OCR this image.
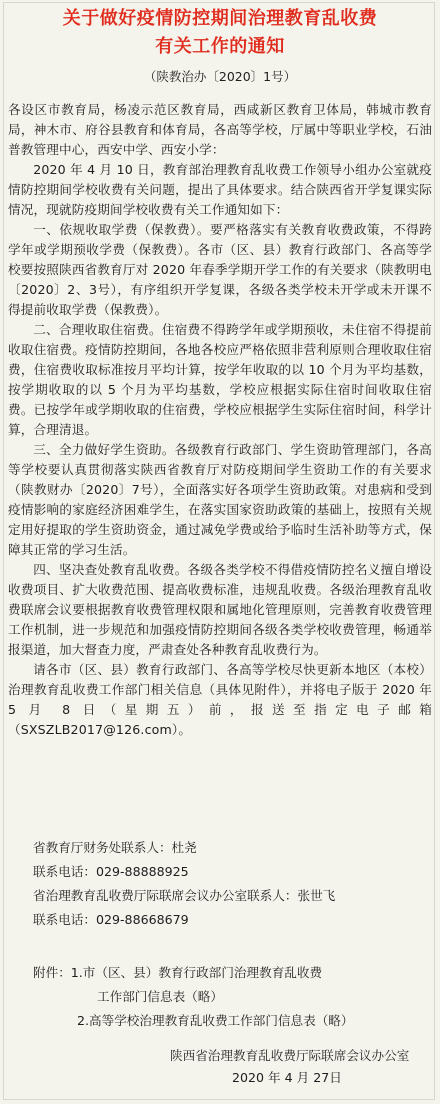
关于做好疫情防控期间治理教育乱收费
有关工作的通知
（陕教治办〔2020〕1号）

各设区市教育局，杨凌示范区教育局，西咸新区教育卫体局，韩城市教育局，神木市、府谷县教育和体育局，各高等学校，厅属中等职业学校，石油普教管理中心，西安中学、西安小学：

2020 年 4 月 10 日，教育部治理教育乱收费工作领导小组办公室就疫情防控期间学校收费有关问题，提出了具体要求。结合陕西省开学复课实际情况，现就防疫期间学校收费有关工作通知如下：

一、依规收取学费（保教费）。要严格落实有关教育收费政策，不得跨学年或学期预收学费（保教费）。各市（区、县）教育行政部门、各高等学校要按照陕西省教育厅对 2020 年春季学期开学工作的有关要求（陕教明电〔2020〕2、3号），有序组织开学复课，各级各类学校未开学或未开课不得提前收取学费（保教费）。

二、合理收取住宿费。住宿费不得跨学年或学期预收，未住宿不得提前收取住宿费。疫情防控期间，各地各校应严格依照非营利原则合理收取住宿费，住宿费收取标准按月平均计算，按学年收取的以 10 个月为平均基数，按学期收取的以 5 个月为平均基数，学校应根据实际住宿时间收取住宿费。已按学年或学期收取的住宿费，学校应根据学生实际住宿时间，科学计算，合理清退。

三、全力做好学生资助。各级教育行政部门、学生资助管理部门，各高等学校要认真贯彻落实陕西省教育厅对防疫期间学生资助工作的有关要求（陕教财办〔2020〕7号），全面落实好各项学生资助政策。对患病和受到疫情影响的家庭经济困难学生，在落实国家资助政策的基础上，按照有关规定用好提取的学生资助资金，通过减免学费或给予临时生活补助等方式，保障其正常的学习生活。

四、坚决查处教育乱收费。各级各类学校不得借疫情防控名义擅自增设收费项目、扩大收费范围、提高收费标准，违规乱收费。各级治理教育乱收费联席会议要根据教育收费管理权限和属地化管理原则，完善教育收费管理工作机制，进一步规范和加强疫情防控期间各级各类学校收费管理，畅通举报渠道，加大督查力度，严肃查处各种教育乱收费行为。

请各市（区、县）教育行政部门、各高等学校尽快更新本地区（本校）治理教育乱收费工作部门相关信息（具体见附件），并将电子版于 2020 年 5 月 8 日（星期五）前，报送至指定电子邮箱（SXSZLB2017@126.com）。

省教育厅财务处联系人：杜尧
联系电话：029-88888925
省治理教育乱收费厅际联席会议办公室联系人：张世飞
联系电话：029-88668679
附件：1.市（区、县）教育行政部门治理教育乱收费
工作部门信息表（略）
2.高等学校治理教育乱收费工作部门信息表（略）
陕西省治理教育乱收费厅际联席会议办公室
2020 年 4 月 27日
